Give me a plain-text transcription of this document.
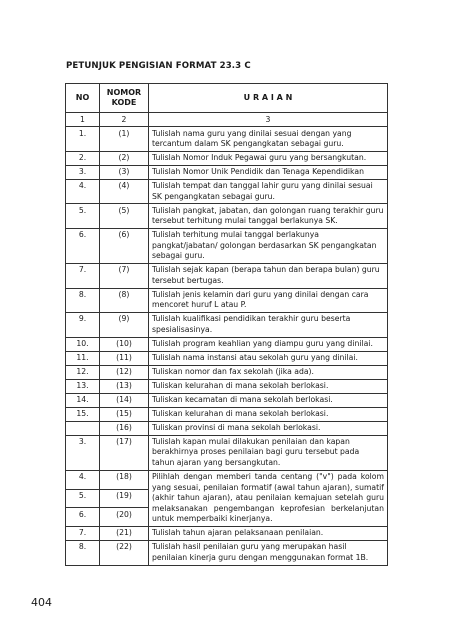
PETUNJUK PENGISIAN FORMAT 23.3 C
NO	NOMOR KODE	U R A I A N
1	2	3
1.	(1)	Tulislah nama guru yang dinilai sesuai dengan yang tercantum dalam SK pengangkatan sebagai guru.
2.	(2)	Tulislah Nomor Induk Pegawai guru yang bersangkutan.
3.	(3)	Tulislah Nomor Unik Pendidik dan Tenaga Kependidikan
4.	(4)	Tulislah tempat dan tanggal lahir guru yang dinilai sesuai SK pengangkatan sebagai guru.
5.	(5)	Tulislah pangkat, jabatan, dan golongan ruang terakhir guru tersebut terhitung mulai tanggal berlakunya SK.
6.	(6)	Tulislah terhitung mulai tanggal berlakunya pangkat/jabatan/ golongan berdasarkan SK pengangkatan sebagai guru.
7.	(7)	Tulislah sejak kapan (berapa tahun dan berapa bulan) guru tersebut bertugas.
8.	(8)	Tulislah jenis kelamin dari guru yang dinilai dengan cara mencoret huruf L atau P.
9.	(9)	Tulislah kualifikasi pendidikan terakhir guru beserta spesialisasinya.
10.	(10)	Tulislah program keahlian yang diampu guru yang dinilai.
11.	(11)	Tulislah nama instansi atau sekolah guru yang dinilai.
12.	(12)	Tuliskan nomor dan fax sekolah (jika ada).
13.	(13)	Tuliskan kelurahan di mana sekolah berlokasi.
14.	(14)	Tuliskan kecamatan di mana sekolah berlokasi.
15.	(15)	Tuliskan kelurahan di mana sekolah berlokasi.
	(16)	Tuliskan provinsi di mana sekolah berlokasi.
3.	(17)	Tulislah kapan mulai dilakukan penilaian dan kapan berakhirnya proses penilaian bagi guru tersebut pada tahun ajaran yang bersangkutan.
4.	(18)	Pilihlah dengan memberi tanda centang ("v") pada kolom yang sesuai, penilaian formatif (awal tahun ajaran), sumatif (akhir tahun ajaran), atau penilaian kemajuan setelah guru melaksanakan pengembangan keprofesian berkelanjutan untuk memperbaiki kinerjanya.
5.	(19)	
6.	(20)	
7.	(21)	Tulislah tahun ajaran pelaksanaan penilaian.
8.	(22)	Tulislah hasil penilaian guru yang merupakan hasil penilaian kinerja guru dengan menggunakan format 1B.
404
